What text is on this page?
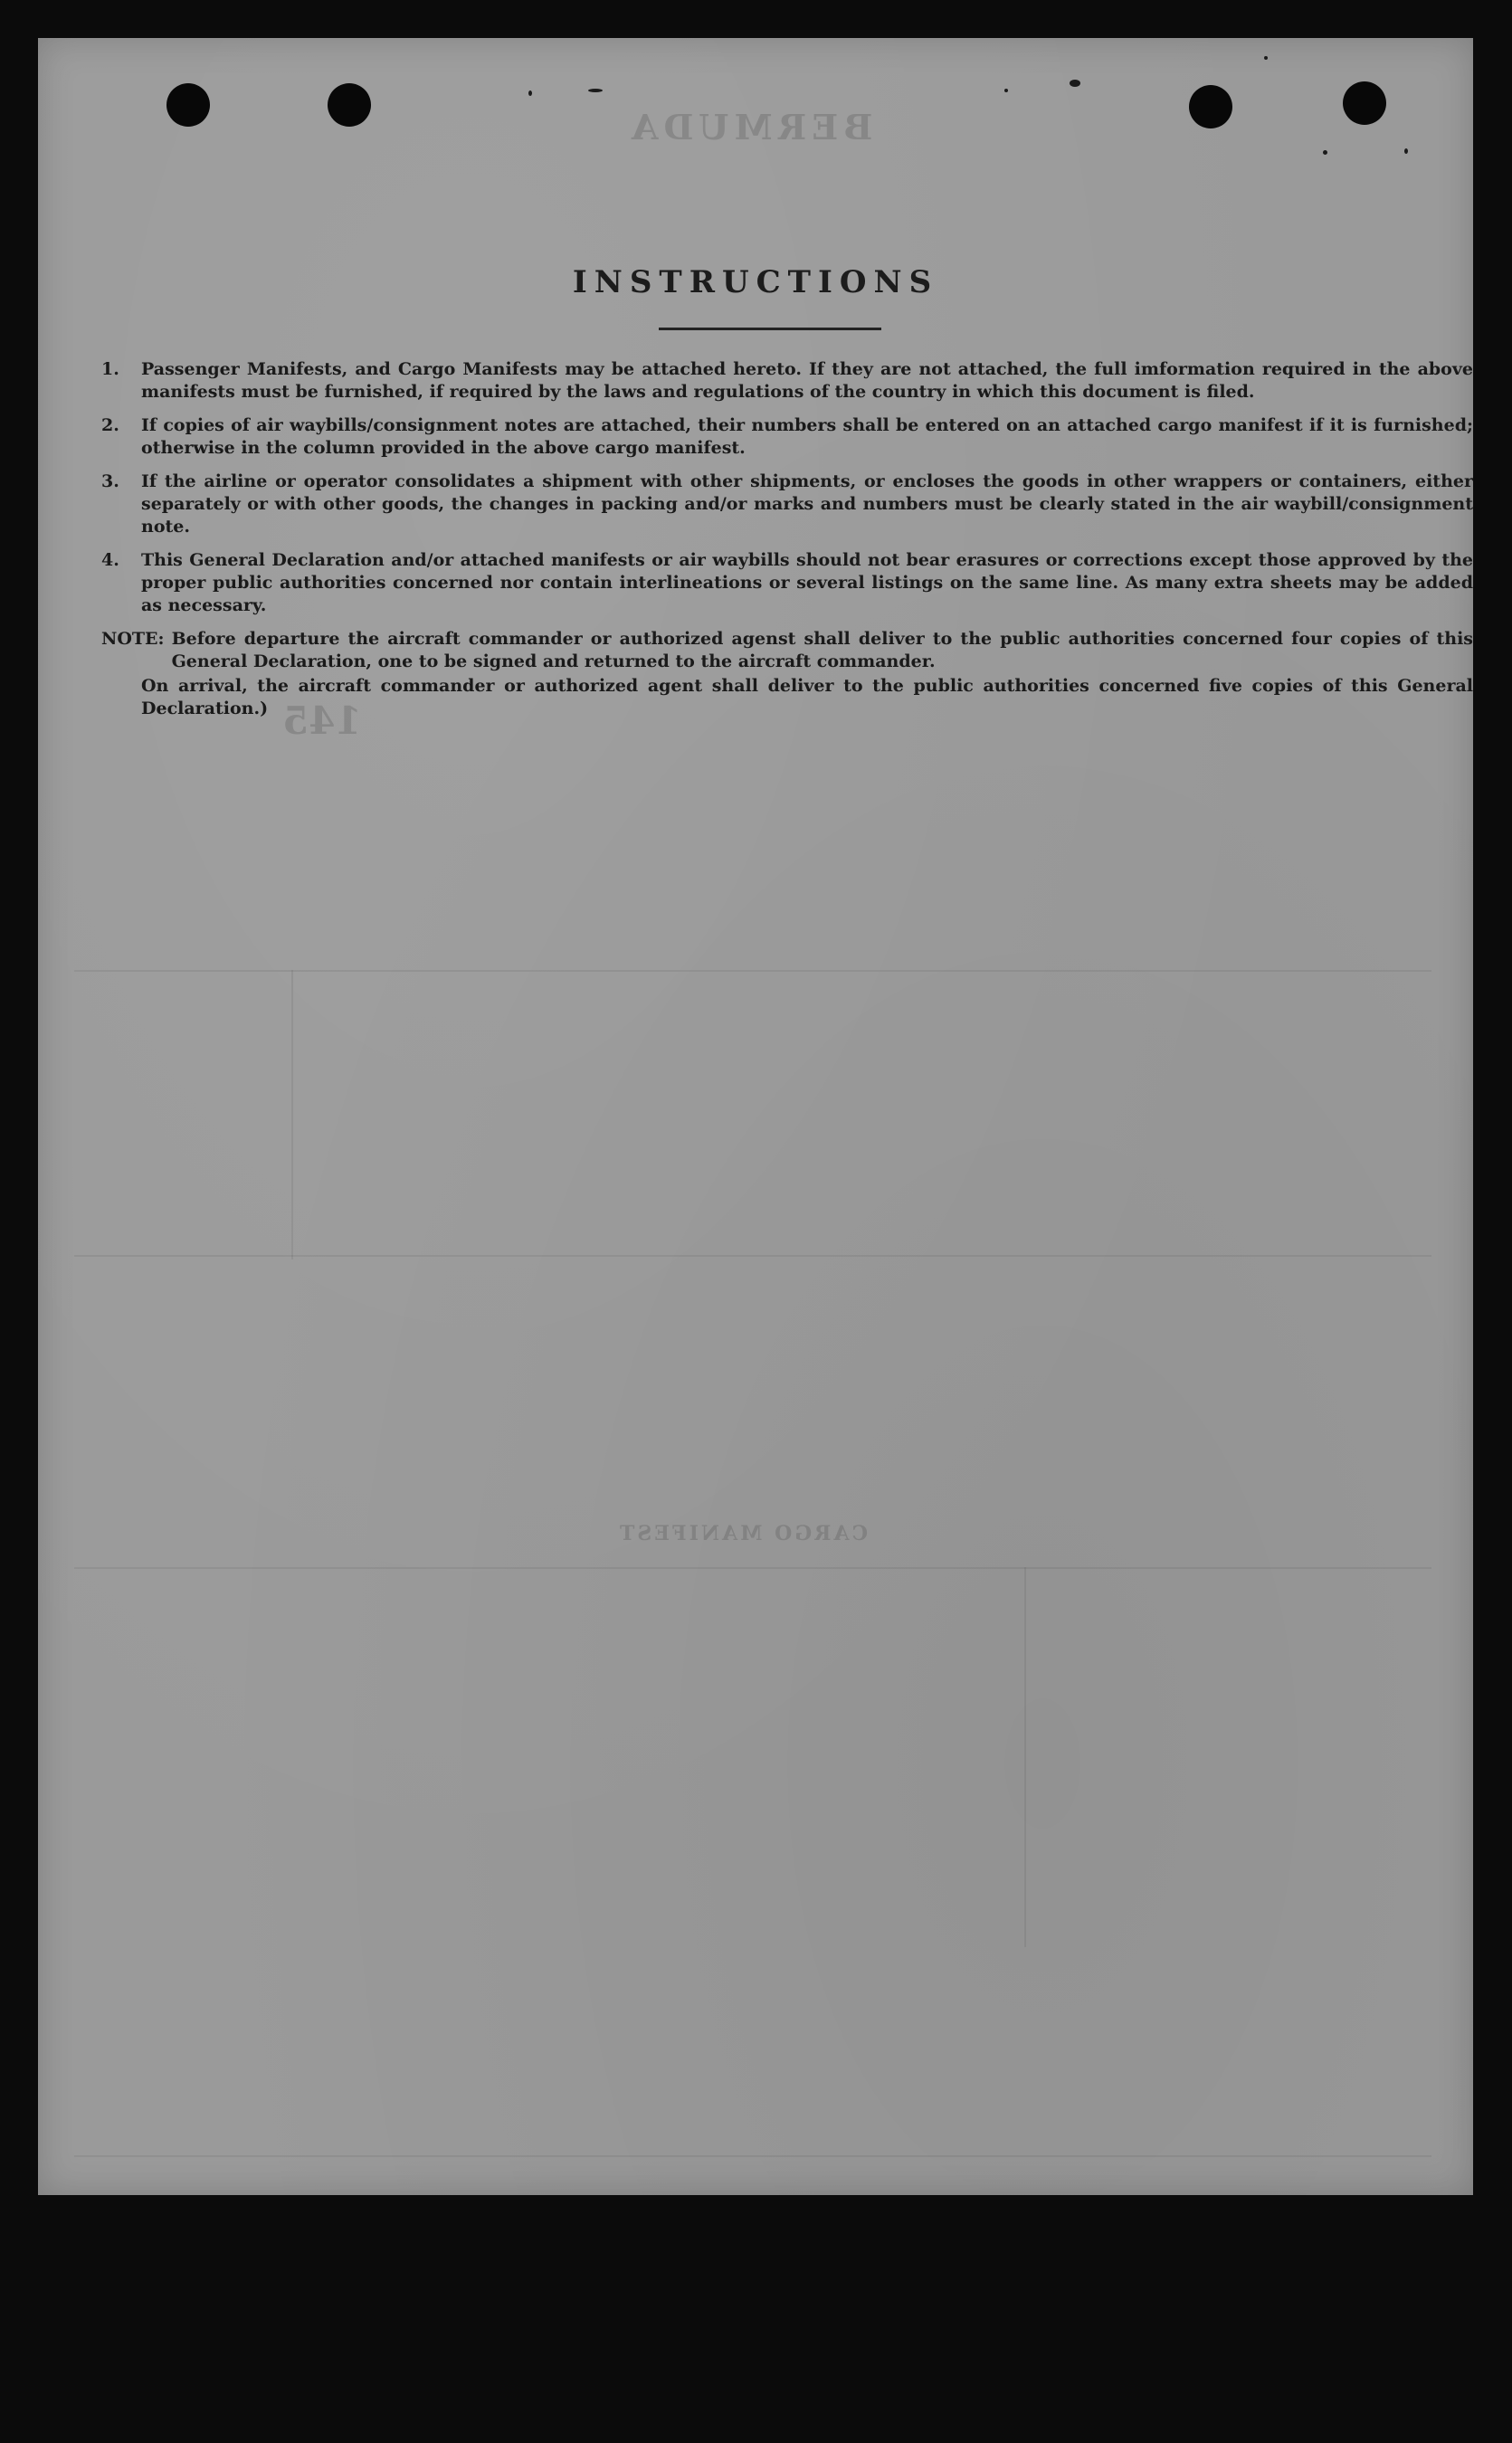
BERMUDA
145
CARGO MANIFEST
INSTRUCTIONS
1.	Passenger Manifests, and Cargo Manifests may be attached hereto. If they are not attached, the full imformation required in the above manifests must be furnished, if required by the laws and regulations of the country in which this document is filed.
2.	If copies of air waybills/consignment notes are attached, their numbers shall be entered on an attached cargo manifest if it is furnished; otherwise in the column provided in the above cargo manifest.
3.	If the airline or operator consolidates a shipment with other shipments, or encloses the goods in other wrappers or containers, either separately or with other goods, the changes in packing and/or marks and numbers must be clearly stated in the air waybill/consignment note.
4.	This General Declaration and/or attached manifests or air waybills should not bear erasures or corrections except those approved by the proper public authorities concerned nor contain interlineations or several listings on the same line. As many extra sheets may be added as necessary.
NOTE: Before departure the aircraft commander or authorized agenst shall deliver to the public authorities concerned four copies of this General Declaration, one to be signed and returned to the aircraft commander.
On arrival, the aircraft commander or authorized agent shall deliver to the public authorities concerned five copies of this General Declaration.)
